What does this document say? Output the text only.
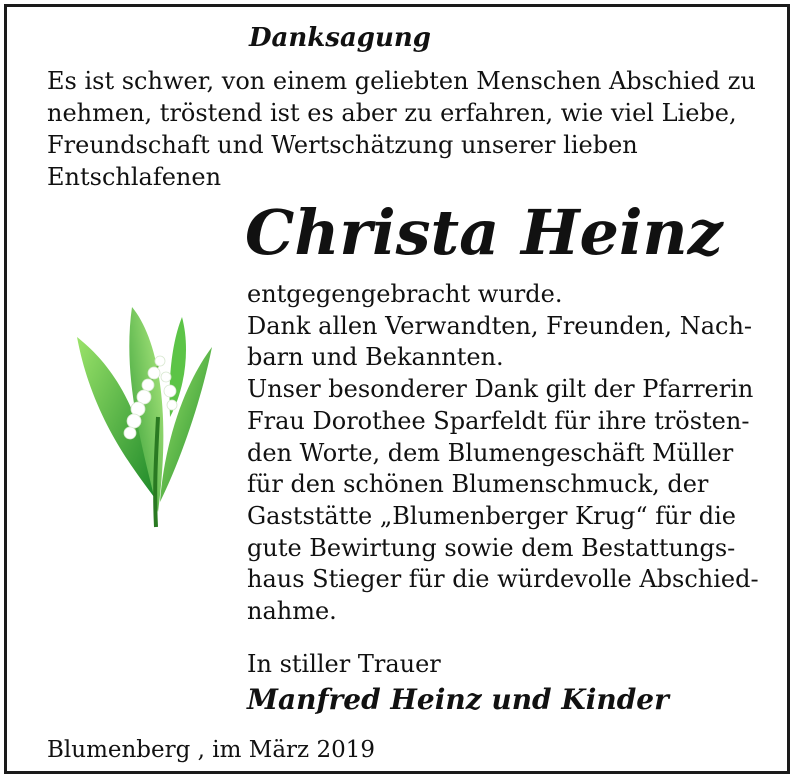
Danksagung

Es ist schwer, von einem geliebten Menschen Abschied zu
nehmen, tröstend ist es aber zu erfahren, wie viel Liebe,
Freundschaft und Wertschätzung unserer lieben
Entschlafenen

Christa Heinz

entgegengebracht wurde.
Dank allen Verwandten, Freunden, Nach-
barn und Bekannten.
Unser besonderer Dank gilt der Pfarrerin
Frau Dorothee Sparfeldt für ihre trösten-
den Worte, dem Blumengeschäft Müller
für den schönen Blumenschmuck, der
Gaststätte „Blumenberger Krug“ für die
gute Bewirtung sowie dem Bestattungs-
haus Stieger für die würdevolle Abschied-
nahme.

In stiller Trauer

Manfred Heinz und Kinder

Blumenberg , im März 2019
